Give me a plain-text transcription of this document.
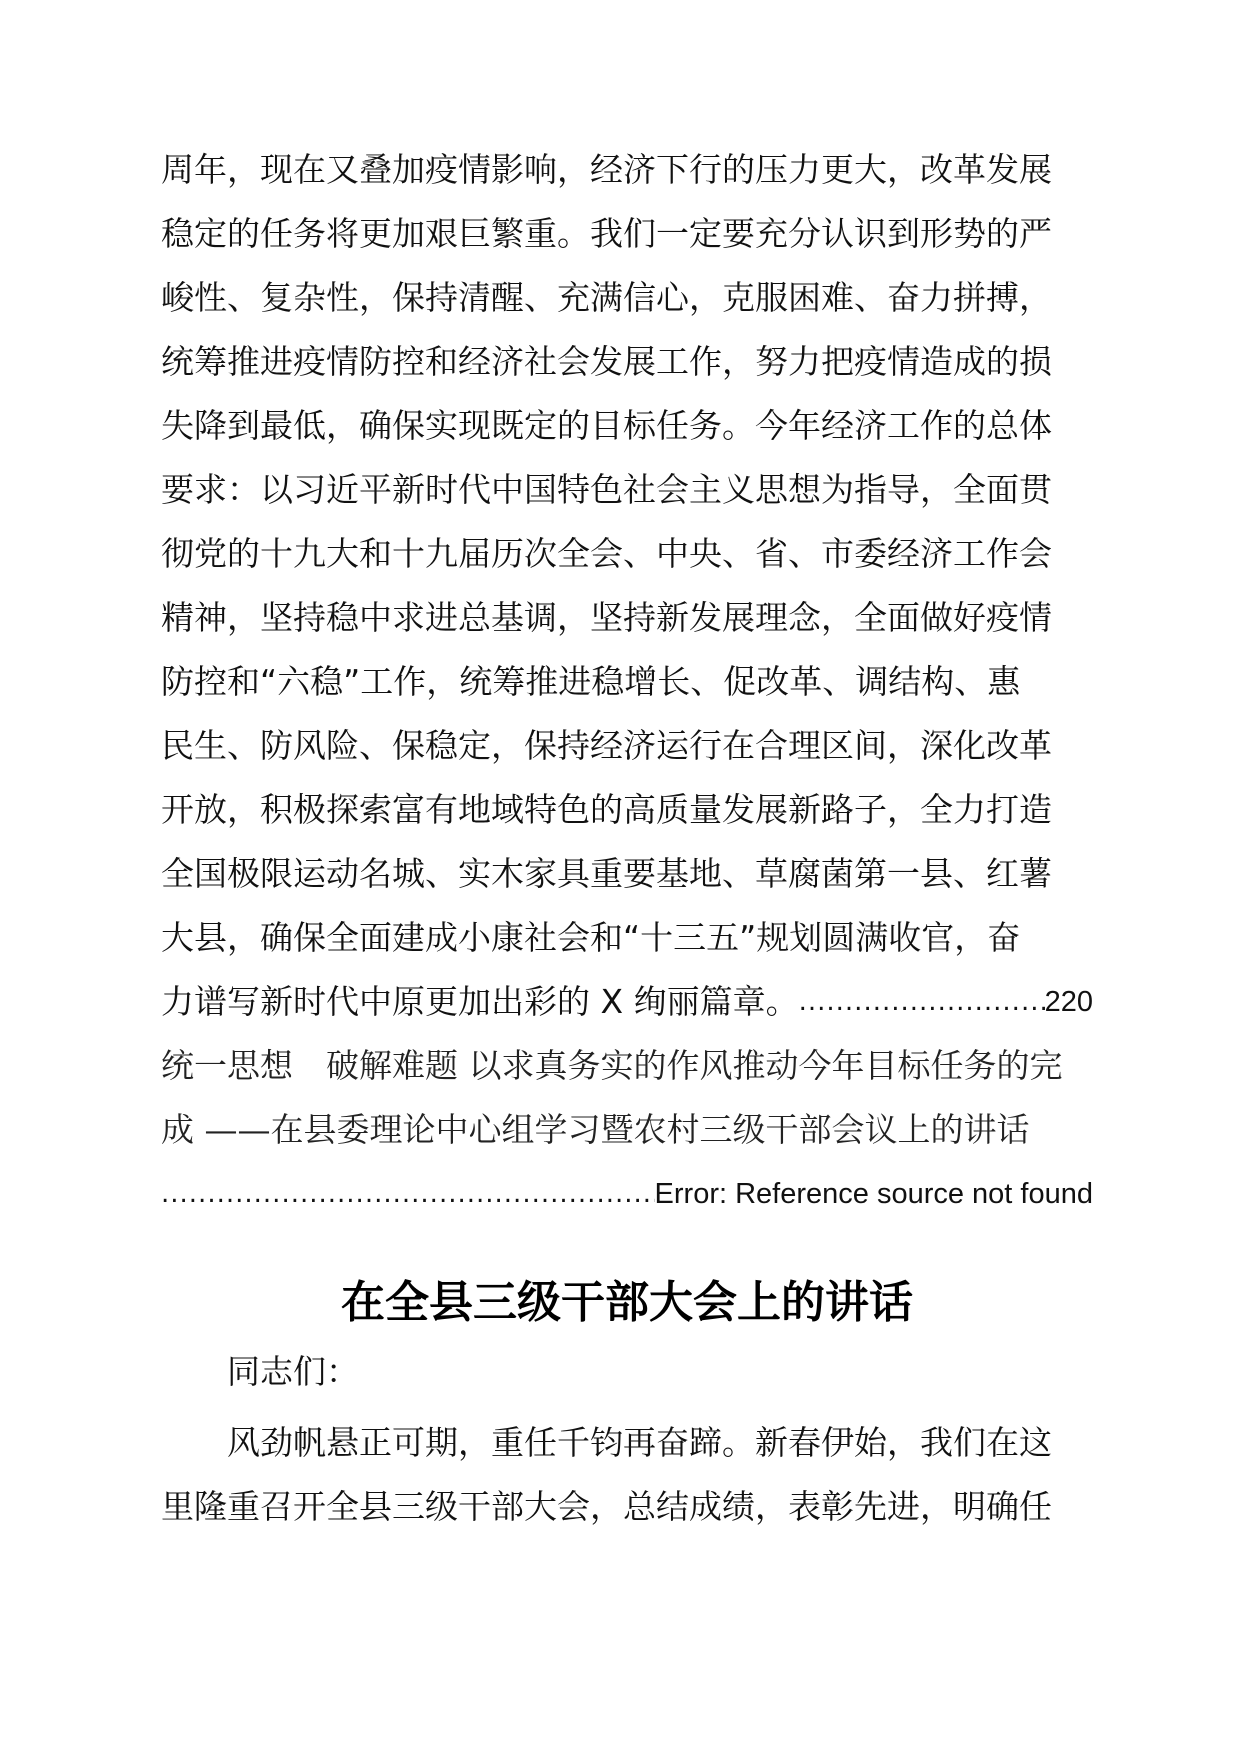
周年，现在又叠加疫情影响，经济下行的压力更大，改革发展
稳定的任务将更加艰巨繁重。我们一定要充分认识到形势的严
峻性、复杂性，保持清醒、充满信心，克服困难、奋力拼搏，
统筹推进疫情防控和经济社会发展工作，努力把疫情造成的损
失降到最低，确保实现既定的目标任务。今年经济工作的总体
要求：以习近平新时代中国特色社会主义思想为指导，全面贯
彻党的十九大和十九届历次全会、中央、省、市委经济工作会
精神，坚持稳中求进总基调，坚持新发展理念，全面做好疫情
防控和“六稳”工作，统筹推进稳增长、促改革、调结构、惠
民生、防风险、保稳定，保持经济运行在合理区间，深化改革
开放，积极探索富有地域特色的高质量发展新路子，全力打造
全国极限运动名城、实木家具重要基地、草腐菌第一县、红薯
大县，确保全面建成小康社会和“十三五”规划圆满收官，奋
力谱写新时代中原更加出彩的 X 绚丽篇章。
.....	220
统一思想　破解难题 以求真务实的作风推动今年目标任务的完
成 ——在县委理论中心组学习暨农村三级干部会议上的讲话
.....
Error: Reference source not found
在全县三级干部大会上的讲话
同志们：
风劲帆悬正可期，重任千钧再奋蹄。新春伊始，我们在这
里隆重召开全县三级干部大会，总结成绩，表彰先进，明确任
